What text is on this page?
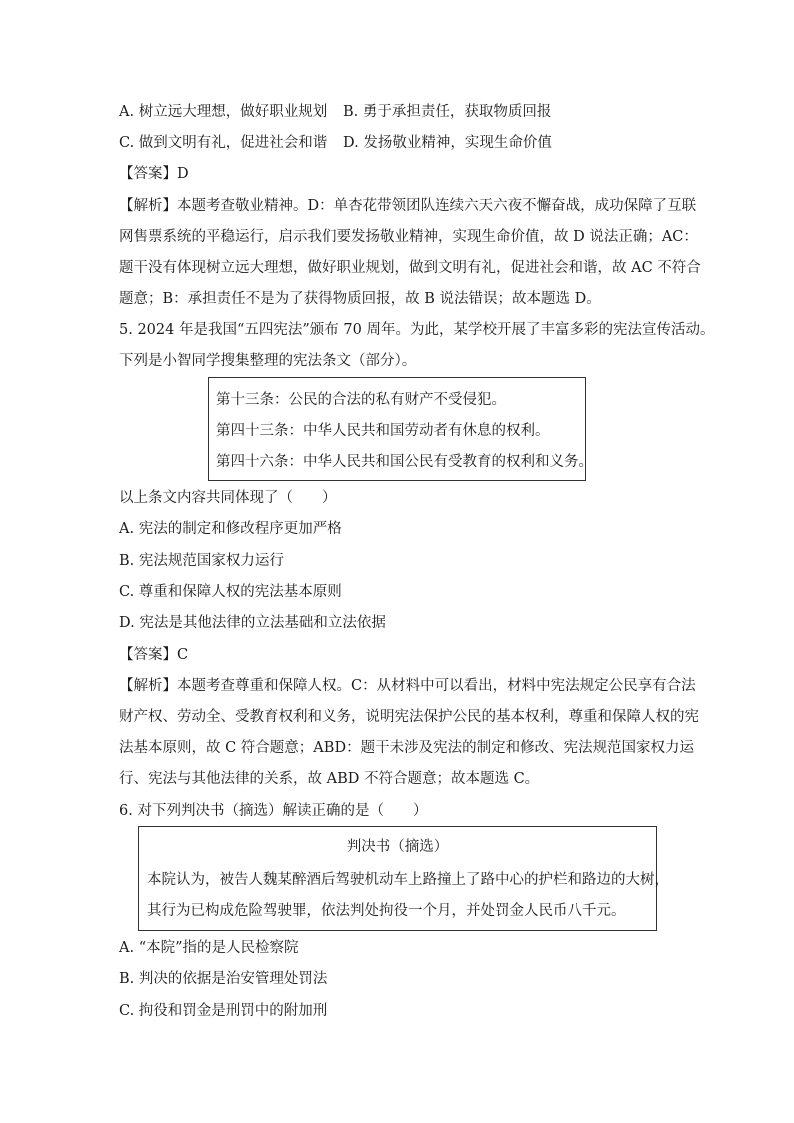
A. 树立远大理想，做好职业规划 B. 勇于承担责任，获取物质回报
C. 做到文明有礼，促进社会和谐 D. 发扬敬业精神，实现生命价值
【答案】D
【解析】本题考查敬业精神。D：单杏花带领团队连续六天六夜不懈奋战，成功保障了互联
网售票系统的平稳运行，启示我们要发扬敬业精神，实现生命价值，故 D 说法正确；AC：
题干没有体现树立远大理想，做好职业规划，做到文明有礼，促进社会和谐，故 AC 不符合
题意；B：承担责任不是为了获得物质回报，故 B 说法错误；故本题选 D。
5. 2024 年是我国“五四宪法”颁布 70 周年。为此，某学校开展了丰富多彩的宪法宣传活动。
下列是小智同学搜集整理的宪法条文（部分）。
第十三条：公民的合法的私有财产不受侵犯。
第四十三条：中华人民共和国劳动者有休息的权利。
第四十六条：中华人民共和国公民有受教育的权利和义务。
以上条文内容共同体现了（　　）
A. 宪法的制定和修改程序更加严格
B. 宪法规范国家权力运行
C. 尊重和保障人权的宪法基本原则
D. 宪法是其他法律的立法基础和立法依据
【答案】C
【解析】本题考查尊重和保障人权。C：从材料中可以看出，材料中宪法规定公民享有合法
财产权、劳动全、受教育权利和义务，说明宪法保护公民的基本权利，尊重和保障人权的宪
法基本原则，故 C 符合题意；ABD：题干未涉及宪法的制定和修改、宪法规范国家权力运
行、宪法与其他法律的关系，故 ABD 不符合题意；故本题选 C。
6. 对下列判决书（摘选）解读正确的是（　　）
判决书（摘选）
本院认为，被告人魏某醉酒后驾驶机动车上路撞上了路中心的护栏和路边的大树，
其行为已构成危险驾驶罪，依法判处拘役一个月，并处罚金人民币八千元。
A. “本院”指的是人民检察院
B. 判决的依据是治安管理处罚法
C. 拘役和罚金是刑罚中的附加刑
